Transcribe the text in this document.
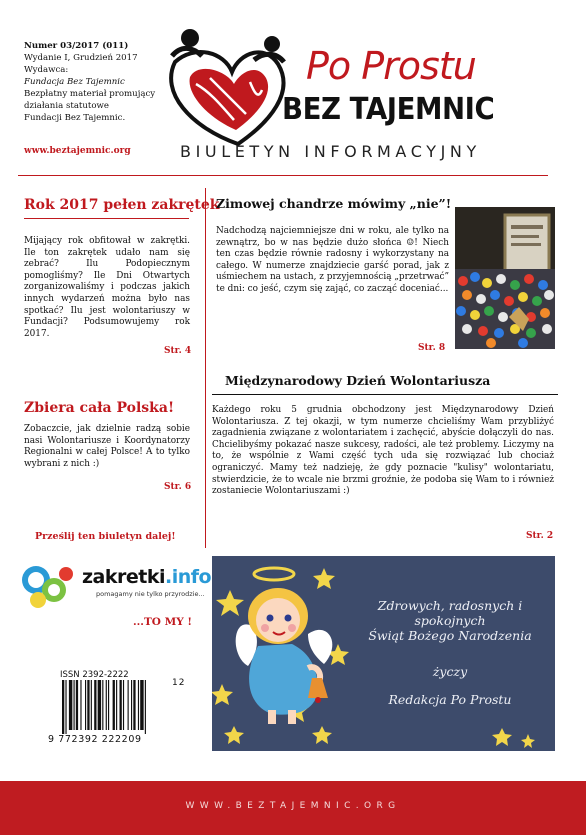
Numer 03/2017 (011)
Wydanie I, Grudzień 2017
Wydawca:
Fundacja Bez Tajemnic
Bezpłatny materiał promujący
działania statutowe
Fundacji Bez Tajemnic.
www.beztajemnic.org
Po Prostu
BEZ TAJEMNIC
BIULETYN INFORMACYJNY
Rok 2017 pełen zakrętek
Mijający rok obfitował w zakrętki. Ile ton zakrętek udało nam się zebrać? Ilu Podopiecznym pomogliśmy? Ile Dni Otwartych zorganizowaliśmy i podczas jakich innych wydarzeń można było nas spotkać? Ilu jest wolontariuszy w Fundacji? Podsumowujemy rok 2017.
Str. 4
Zimowej chandrze mówimy „nie”!
Nadchodzą najciemniejsze dni w roku, ale tylko na zewnątrz, bo w nas będzie dużo słońca ☺! Niech ten czas będzie równie radosny i wykorzystany na całego. W numerze znajdziecie garść porad, jak z uśmiechem na ustach, z przyjemnością „przetrwać” te dni: co jeść, czym się zająć, co zacząć doceniać...
Str. 8
Międzynarodowy Dzień Wolontariusza
Każdego roku 5 grudnia obchodzony jest Międzynarodowy Dzień Wolontariusza. Z tej okazji, w tym numerze chcieliśmy Wam przybliżyć zagadnienia związane z wolontariatem i zachęcić, abyście dołączyli do nas. Chcielibyśmy pokazać nasze sukcesy, radości, ale też problemy. Liczymy na to, że wspólnie z Wami część tych uda się rozwiązać lub chociaż ograniczyć. Mamy też nadzieję, że gdy poznacie "kulisy" wolontariatu, stwierdzicie, że to wcale nie brzmi groźnie, że podoba się Wam to i również zostaniecie Wolontariuszami :)
Str. 2
Zbiera cała Polska!
Zobaczcie, jak dzielnie radzą sobie nasi Wolontariusze i Koordynatorzy Regionalni w całej Polsce! A to tylko wybrani z nich :)
Str. 6
Prześlij ten biuletyn dalej!
zakretki.info
pomagamy nie tylko przyrodzie...
...TO MY !
ISSN 2392-2222
12
9 772392 222209
Zdrowych, radosnych i spokojnych
Świąt Bożego Narodzenia
życzy
Redakcja Po Prostu
WWW.BEZTAJEMNIC.ORG
